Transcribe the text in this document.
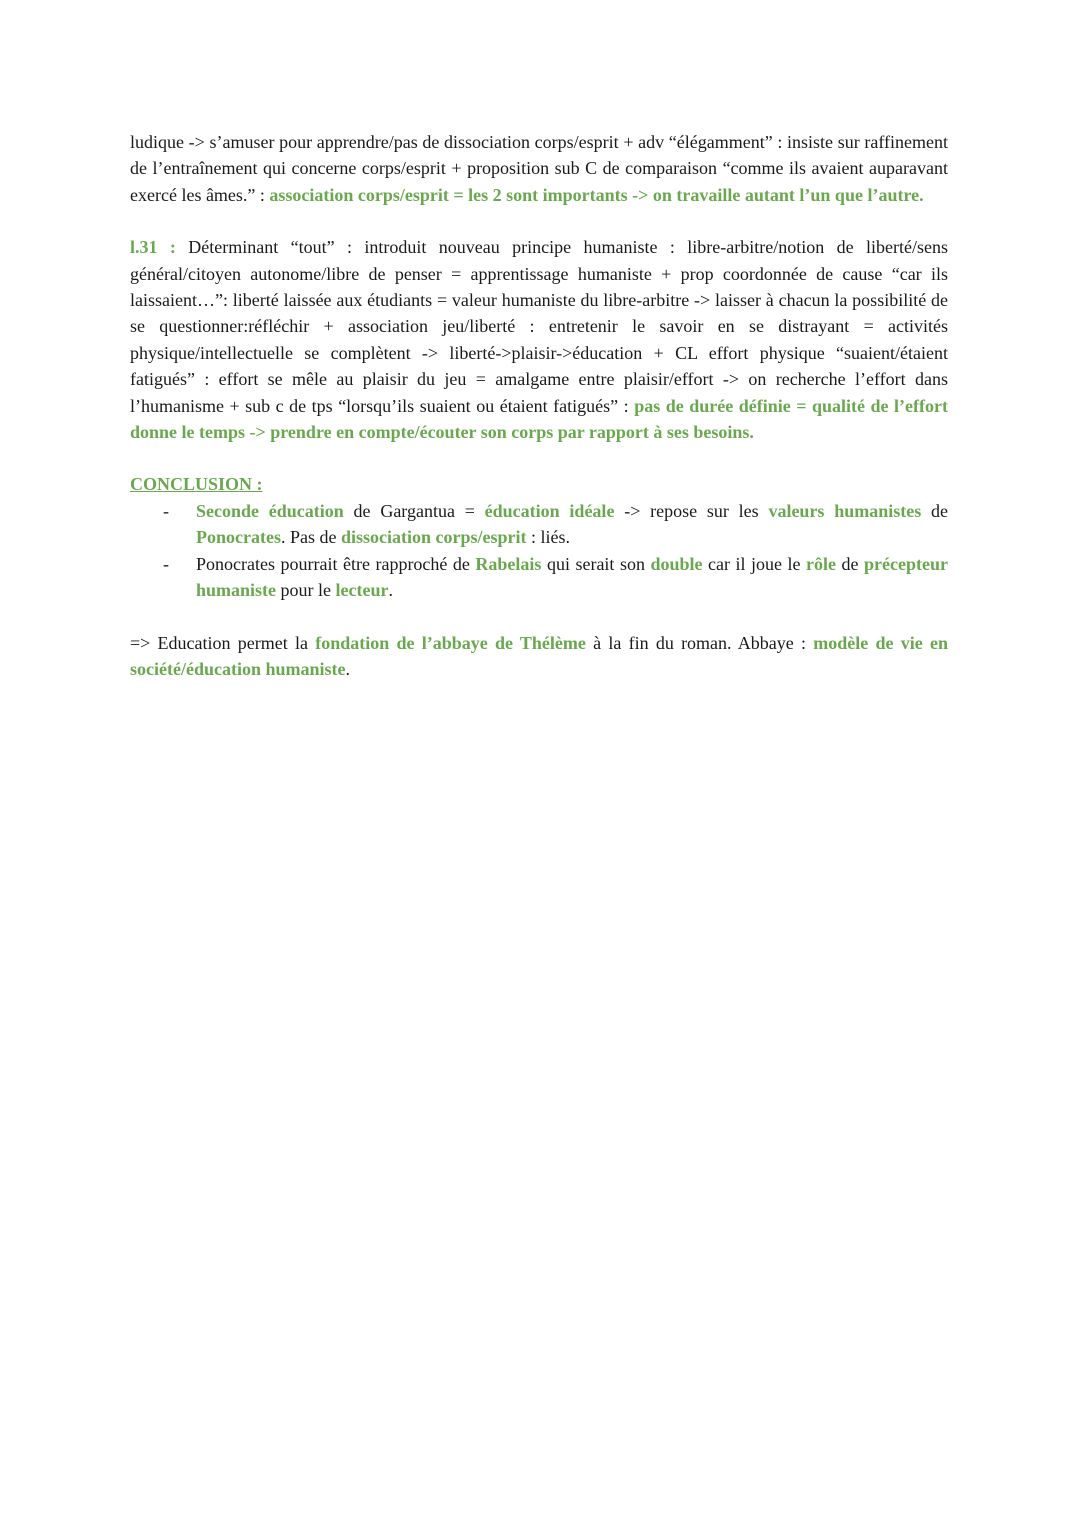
ludique -> s’amuser pour apprendre/pas de dissociation corps/esprit + adv “élégamment” : insiste sur raffinement de l’entraînement qui concerne corps/esprit + proposition sub C de comparaison “comme ils avaient auparavant exercé les âmes.” : association corps/esprit = les 2 sont importants -> on travaille autant l’un que l’autre.

l.31 : Déterminant “tout” : introduit nouveau principe humaniste : libre-arbitre/notion de liberté/sens général/citoyen autonome/libre de penser = apprentissage humaniste + prop coordonnée de cause “car ils laissaient…”: liberté laissée aux étudiants = valeur humaniste du libre-arbitre -> laisser à chacun la possibilité de se questionner:réfléchir + association jeu/liberté : entretenir le savoir en se distrayant = activités physique/intellectuelle se complètent -> liberté->plaisir->éducation + CL effort physique “suaient/étaient fatigués” : effort se mêle au plaisir du jeu = amalgame entre plaisir/effort -> on recherche l’effort dans l’humanisme + sub c de tps “lorsqu’ils suaient ou étaient fatigués” : pas de durée définie = qualité de l’effort donne le temps -> prendre en compte/écouter son corps par rapport à ses besoins.

CONCLUSION :

- Seconde éducation de Gargantua = éducation idéale -> repose sur les valeurs humanistes de Ponocrates. Pas de dissociation corps/esprit : liés.
- Ponocrates pourrait être rapproché de Rabelais qui serait son double car il joue le rôle de précepteur humaniste pour le lecteur.

=> Education permet la fondation de l’abbaye de Thélème à la fin du roman. Abbaye : modèle de vie en société/éducation humaniste.
